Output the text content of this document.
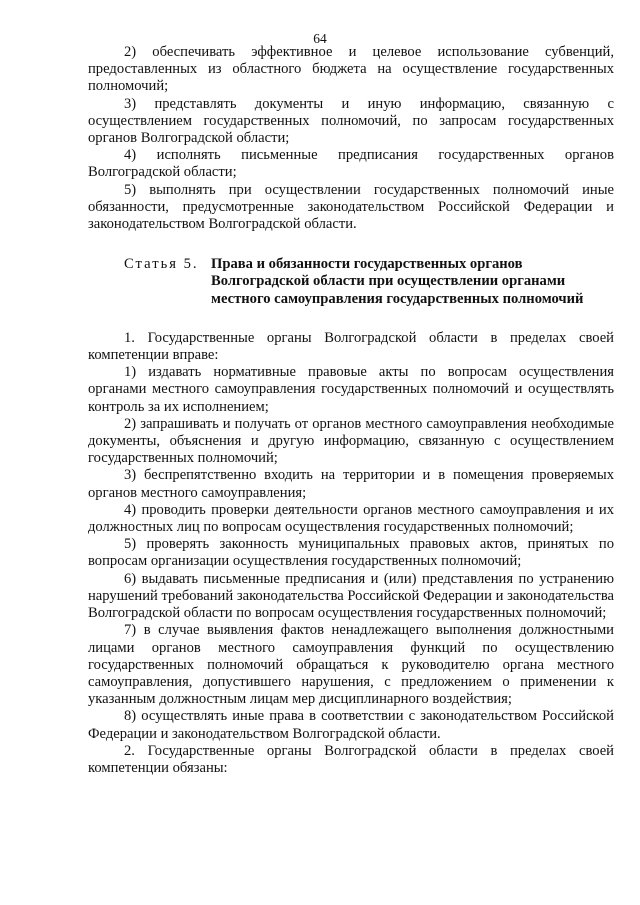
64

2) обеспечивать эффективное и целевое использование субвенций, предоставленных из областного бюджета на осуществление государственных полномочий;

3) представлять документы и иную информацию, связанную с осуществлением государственных полномочий, по запросам государственных органов Волгоградской области;

4) исполнять письменные предписания государственных органов Волгоградской области;

5) выполнять при осуществлении государственных полномочий иные обязанности, предусмотренные законодательством Российской Федерации и законодательством Волгоградской области.

Статья 5. Права и обязанности государственных органов Волгоградской области при осуществлении органами местного самоуправления государственных полномочий

1. Государственные органы Волгоградской области в пределах своей компетенции вправе:

1) издавать нормативные правовые акты по вопросам осуществления органами местного самоуправления государственных полномочий и осуществлять контроль за их исполнением;

2) запрашивать и получать от органов местного самоуправления необходимые документы, объяснения и другую информацию, связанную с осуществлением государственных полномочий;

3) беспрепятственно входить на территории и в помещения проверяемых органов местного самоуправления;

4) проводить проверки деятельности органов местного самоуправления и их должностных лиц по вопросам осуществления государственных полномочий;

5) проверять законность муниципальных правовых актов, принятых по вопросам организации осуществления государственных полномочий;

6) выдавать письменные предписания и (или) представления по устранению нарушений требований законодательства Российской Федерации и законодательства Волгоградской области по вопросам осуществления государственных полномочий;

7) в случае выявления фактов ненадлежащего выполнения должностными лицами органов местного самоуправления функций по осуществлению государственных полномочий обращаться к руководителю органа местного самоуправления, допустившего нарушения, с предложением о применении к указанным должностным лицам мер дисциплинарного воздействия;

8) осуществлять иные права в соответствии с законодательством Российской Федерации и законодательством Волгоградской области.

2. Государственные органы Волгоградской области в пределах своей компетенции обязаны:
